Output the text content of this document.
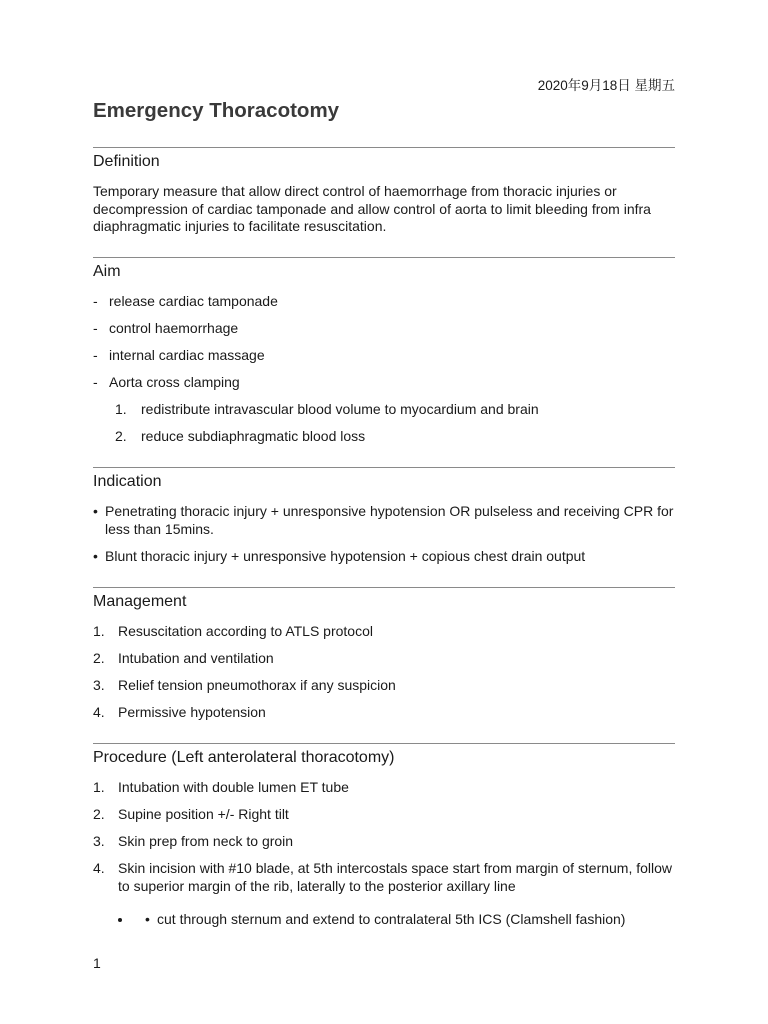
2020年9月18日 星期五
Emergency Thoracotomy
Definition
Temporary measure that allow direct control of haemorrhage from thoracic injuries or decompression of cardiac tamponade and allow control of aorta to limit bleeding from infra diaphragmatic injuries to facilitate resuscitation.
Aim
- release cardiac tamponade
- control haemorrhage
- internal cardiac massage
- Aorta cross clamping
1. redistribute intravascular blood volume to myocardium and brain
2. reduce subdiaphragmatic blood loss
Indication
• Penetrating thoracic injury + unresponsive hypotension OR pulseless and receiving CPR for less than 15mins.
• Blunt thoracic injury + unresponsive hypotension + copious chest drain output
Management
1. Resuscitation according to ATLS protocol
2. Intubation and ventilation
3. Relief tension pneumothorax if any suspicion
4. Permissive hypotension
Procedure (Left anterolateral thoracotomy)
1. Intubation with double lumen ET tube
2. Supine position +/- Right tilt
3. Skin prep from neck to groin
4. Skin incision with #10 blade, at 5th intercostals space start from margin of sternum, follow to superior margin of the rib, laterally to the posterior axillary line
• • cut through sternum and extend to contralateral 5th ICS (Clamshell fashion)
1
